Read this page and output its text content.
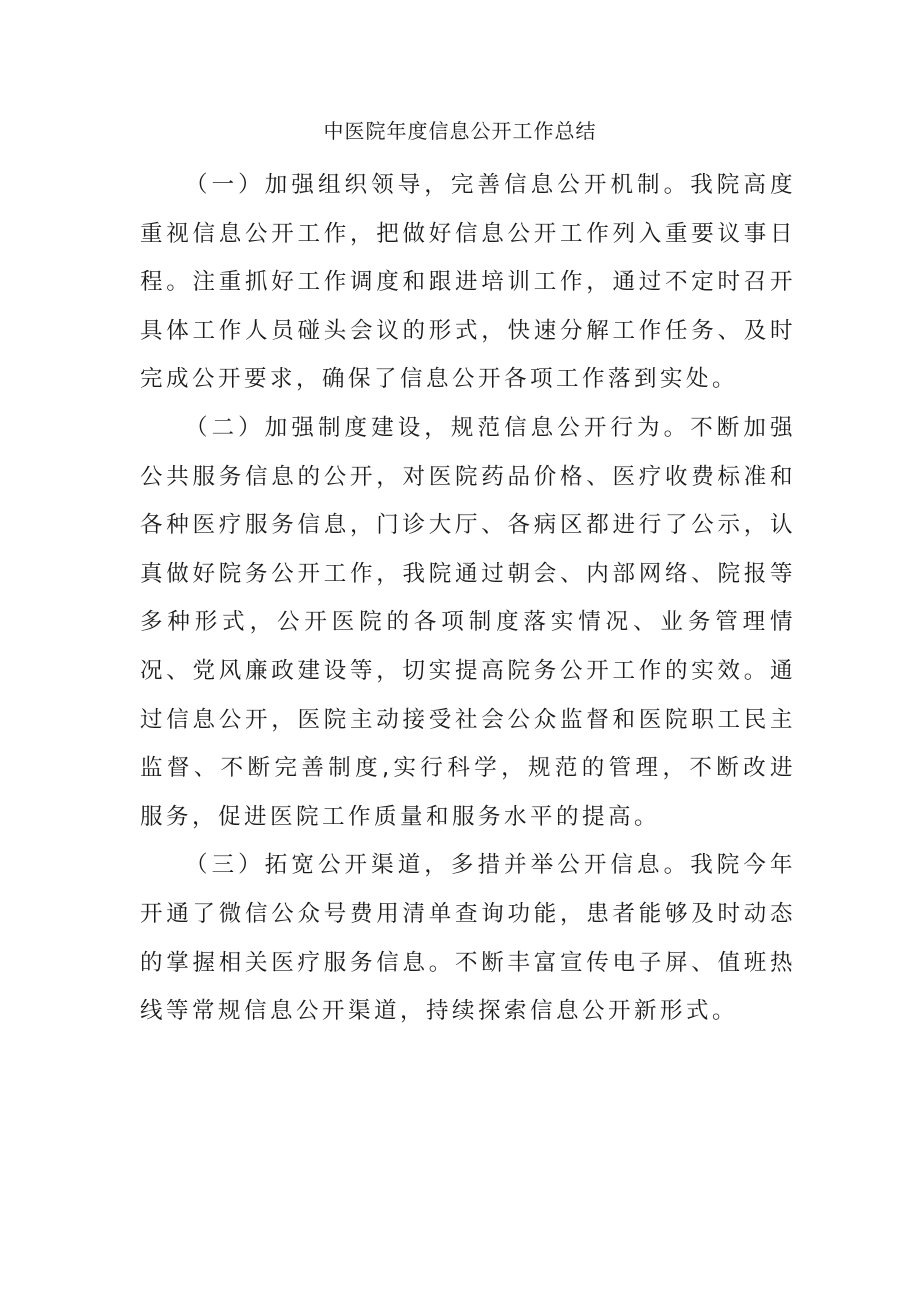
中医院年度信息公开工作总结

（一）加强组织领导，完善信息公开机制。我院高度重视信息公开工作，把做好信息公开工作列入重要议事日程。注重抓好工作调度和跟进培训工作，通过不定时召开具体工作人员碰头会议的形式，快速分解工作任务、及时完成公开要求，确保了信息公开各项工作落到实处。

（二）加强制度建设，规范信息公开行为。不断加强公共服务信息的公开，对医院药品价格、医疗收费标准和各种医疗服务信息，门诊大厅、各病区都进行了公示，认真做好院务公开工作，我院通过朝会、内部网络、院报等多种形式，公开医院的各项制度落实情况、业务管理情况、党风廉政建设等，切实提高院务公开工作的实效。通过信息公开，医院主动接受社会公众监督和医院职工民主监督、不断完善制度,实行科学，规范的管理，不断改进服务，促进医院工作质量和服务水平的提高。

（三）拓宽公开渠道，多措并举公开信息。我院今年开通了微信公众号费用清单查询功能，患者能够及时动态的掌握相关医疗服务信息。不断丰富宣传电子屏、值班热线等常规信息公开渠道，持续探索信息公开新形式。
